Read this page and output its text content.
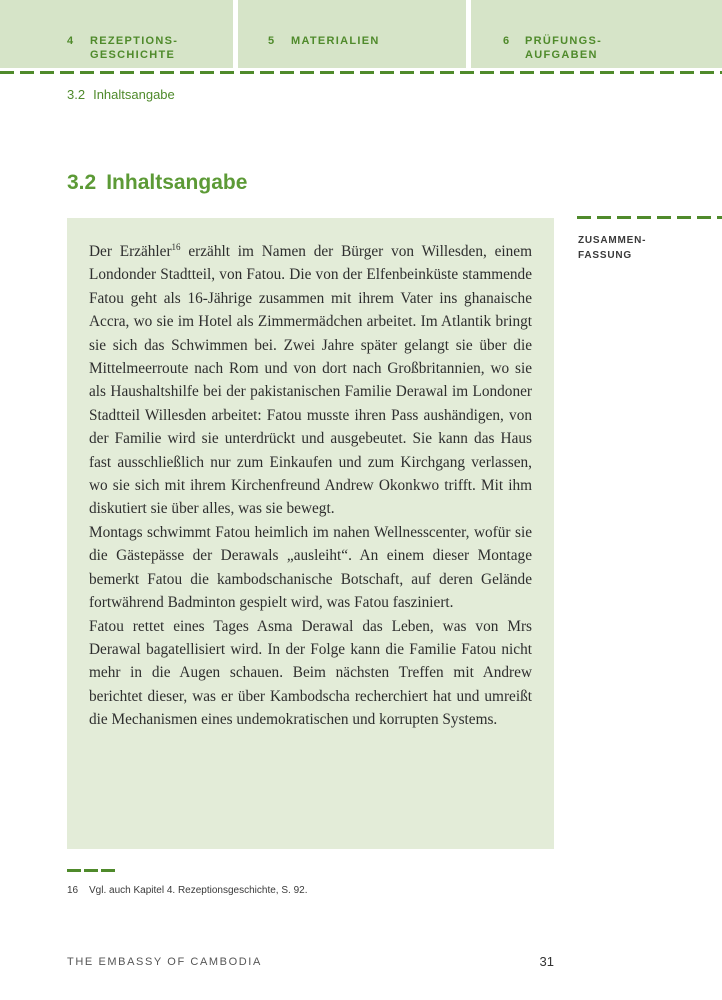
4 REZEPTIONS-
GESCHICHTE
5 MATERIALIEN	6 PRÜFUNGS-
AUFGABEN
3.2 Inhaltsangabe
3.2 Inhaltsangabe

Der Erzähler$^{16}$ erzählt im Namen der Bürger von Willesden, einem Londonder Stadtteil, von Fatou. Die von der Elfenbeinküste stammende Fatou geht als 16-Jährige zusammen mit ihrem Vater ins ghanaische Accra, wo sie im Hotel als Zimmermädchen arbeitet. Im Atlantik bringt sie sich das Schwimmen bei. Zwei Jahre später gelangt sie über die Mittelmeerroute nach Rom und von dort nach Großbritannien, wo sie als Haushaltshilfe bei der pakistanischen Familie Derawal im Londoner Stadtteil Willesden arbeitet: Fatou musste ihren Pass aushändigen, von der Familie wird sie unterdrückt und ausgebeutet. Sie kann das Haus fast ausschließlich nur zum Einkaufen und zum Kirchgang verlassen, wo sie sich mit ihrem Kirchenfreund Andrew Okonkwo trifft. Mit ihm diskutiert sie über alles, was sie bewegt.

Montags schwimmt Fatou heimlich im nahen Wellnesscenter, wofür sie die Gästepässe der Derawals „ausleiht“. An einem dieser Montage bemerkt Fatou die kambodschanische Botschaft, auf deren Gelände fortwährend Badminton gespielt wird, was Fatou fasziniert.

Fatou rettet eines Tages Asma Derawal das Leben, was von Mrs Derawal bagatellisiert wird. In der Folge kann die Familie Fatou nicht mehr in die Augen schauen. Beim nächsten Treffen mit Andrew berichtet dieser, was er über Kambodscha recherchiert hat und umreißt die Mechanismen eines undemokratischen und korrupten Systems.

ZUSAMMEN-
FASSUNG
16 Vgl. auch Kapitel 4. Rezeptionsgeschichte, S. 92.
THE EMBASSY OF CAMBODIA	31
